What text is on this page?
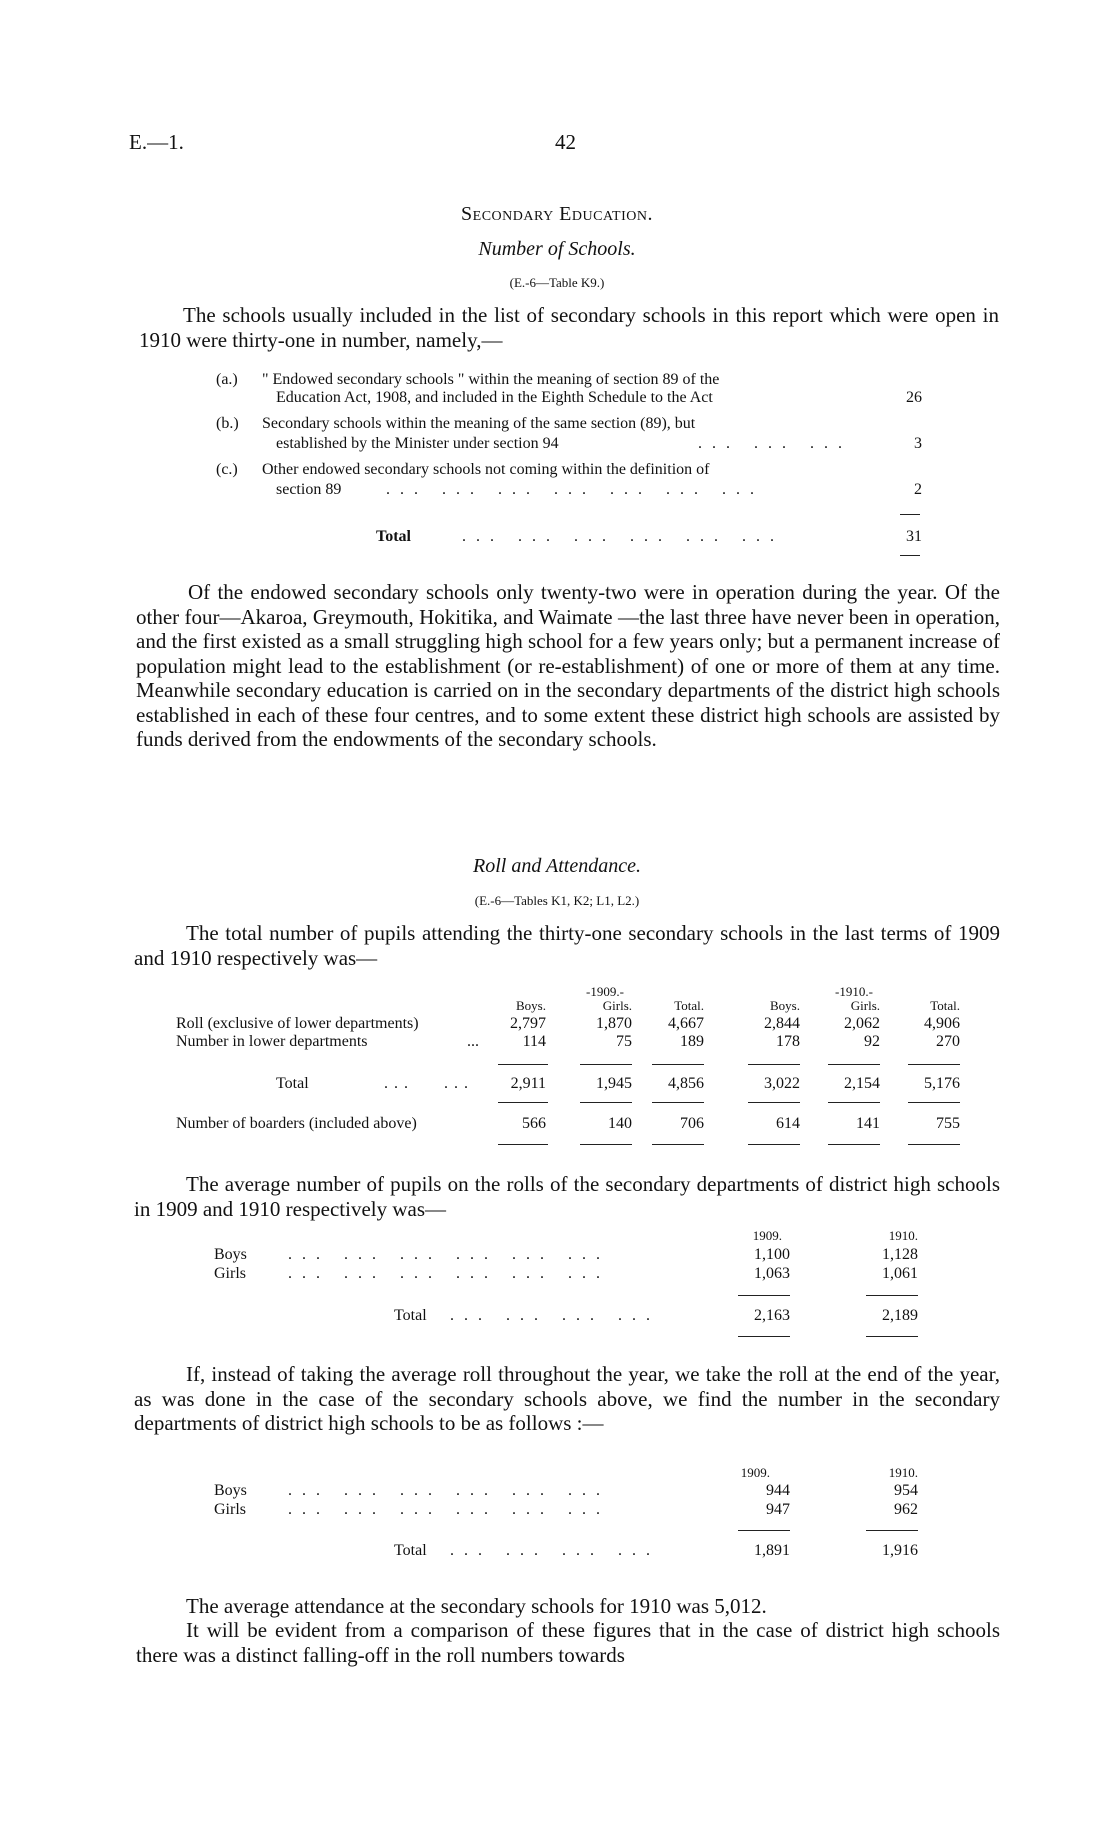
E.—1.	42
Secondary Education.
Number of Schools.
(E.-6—Table K9.)
The schools usually included in the list of secondary schools in this report which were open in 1910 were thirty-one in number, namely,—
(a.) " Endowed secondary schools " within the meaning of section 89 of the
Education Act, 1908, and included in the Eighth Schedule to the Act	26
(b.) Secondary schools within the meaning of the same section (89), but
established by the Minister under section 94	... ... ...	3
(c.) Other endowed secondary schools not coming within the definition of
section 89	... ... ... ... ... ... ...	2
Total	... ... ... ... ... ...	31
Of the endowed secondary schools only twenty-two were in operation during the year. Of the other four—Akaroa, Greymouth, Hokitika, and Waimate —the last three have never been in operation, and the first existed as a small struggling high school for a few years only; but a permanent increase of population might lead to the establishment (or re-establishment) of one or more of them at any time. Meanwhile secondary education is carried on in the secondary departments of the district high schools established in each of these four centres, and to some extent these district high schools are assisted by funds derived from the endowments of the secondary schools.
Roll and Attendance.
(E.-6—Tables K1, K2; L1, L2.)
The total number of pupils attending the thirty-one secondary schools in the last terms of 1909 and 1910 respectively was—
-1909.-	-1910.-
Boys.	Girls.	Total.	Boys.	Girls.	Total.
Roll (exclusive of lower departments)	2,797	1,870	4,667	2,844	2,062	4,906
Number in lower departments	...	114	75	189	178	92	270
Total	...   ...	2,911	1,945	4,856	3,022	2,154	5,176
Number of boarders (included above)	566	140	706	614	141	755
The average number of pupils on the rolls of the secondary departments of district high schools in 1909 and 1910 respectively was—
1909.	1910.
Boys	... ... ... ... ... ...	1,100	1,128
Girls	... ... ... ... ... ...	1,063	1,061
Total ... ... ... ...	2,163	2,189
If, instead of taking the average roll throughout the year, we take the roll at the end of the year, as was done in the case of the secondary schools above, we find the number in the secondary departments of district high schools to be as follows :—
1909.	1910.
Boys	... ... ... ... ... ...	944	954
Girls	... ... ... ... ... ...	947	962
Total ... ... ... ...	1,891	1,916
The average attendance at the secondary schools for 1910 was 5,012.
It will be evident from a comparison of these figures that in the case of district high schools there was a distinct falling-off in the roll numbers towards
